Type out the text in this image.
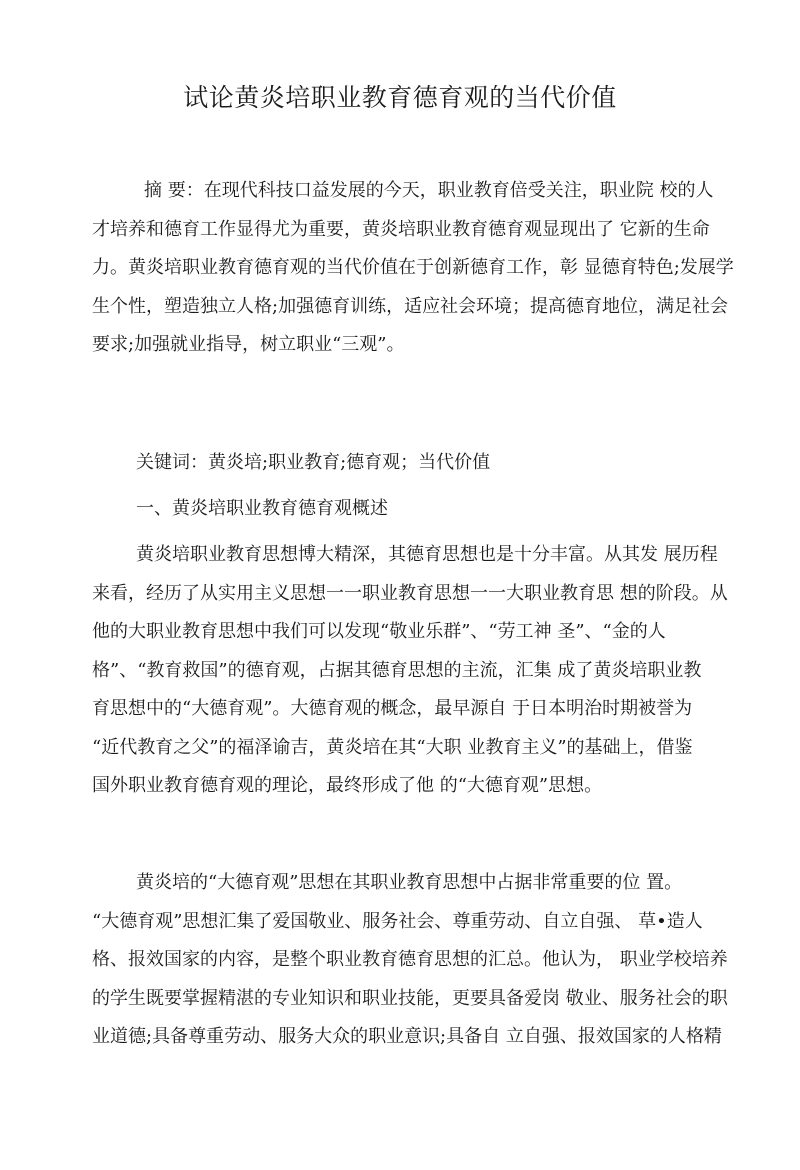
试论黄炎培职业教育德育观的当代价值

摘 要：在现代科技口益发展的今天，职业教育倍受关注，职业院 校的人
才培养和德育工作显得尤为重要，黄炎培职业教育德育观显现出了 它新的生命
力。黄炎培职业教育德育观的当代价值在于创新德育工作，彰 显德育特色;发展学
生个性，塑造独立人格;加强德育训练，适应社会环境；提高德育地位，满足社会
要求;加强就业指导，树立职业“三观”。

关键词：黄炎培;职业教育;德育观；当代价值

一、黄炎培职业教育德育观概述

黄炎培职业教育思想博大精深，其德育思想也是十分丰富。从其发 展历程
来看，经历了从实用主义思想一一职业教育思想一一大职业教育思 想的阶段。从
他的大职业教育思想中我们可以发现“敬业乐群”、“劳工神 圣”、“金的人
格”、“教育救国”的德育观，占据其德育思想的主流，汇集 成了黄炎培职业教
育思想中的“大德育观”。大德育观的概念，最早源自 于日本明治时期被誉为
“近代教育之父”的福泽谕吉，黄炎培在其“大职 业教育主义”的基础上，借鉴
国外职业教育德育观的理论，最终形成了他 的“大德育观”思想。

黄炎培的“大德育观”思想在其职业教育思想中占据非常重要的位 置。
“大德育观”思想汇集了爱国敬业、服务社会、尊重劳动、自立自强、 草•造人
格、报效国家的内容，是整个职业教育德育思想的汇总。他认为， 职业学校培养
的学生既要掌握精湛的专业知识和职业技能，更要具备爱岗 敬业、服务社会的职
业道德;具备尊重劳动、服务大众的职业意识;具备自 立自强、报效国家的人格精
